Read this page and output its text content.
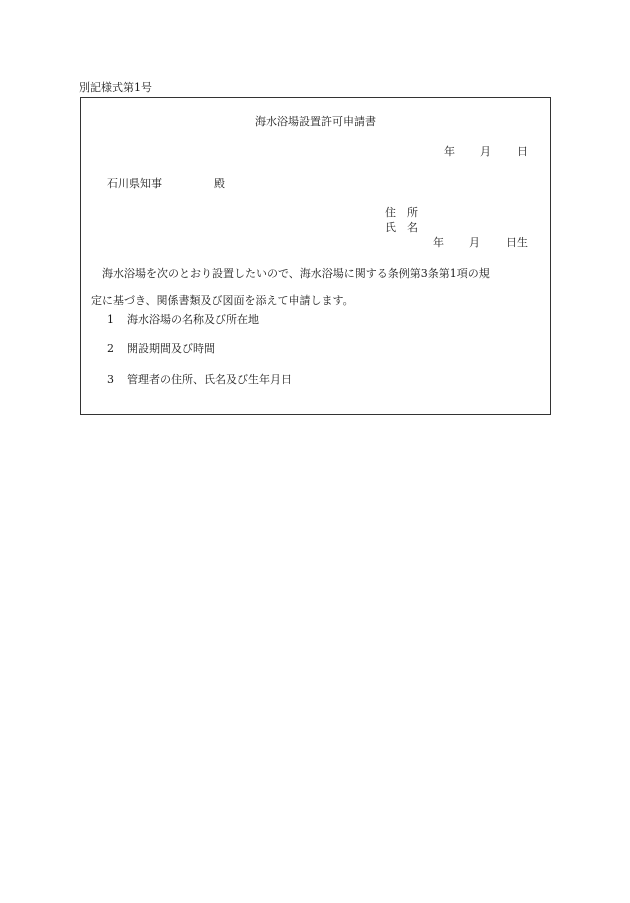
別記様式第1号
海水浴場設置許可申請書
年 月 日
石川県知事	殿
住　所
氏　名
年 月 日生

海水浴場を次のとおり設置したいので、海水浴場に関する条例第3条第1項の規

定に基づき、関係書類及び図面を添えて申請します。

1 海水浴場の名称及び所在地
2 開設期間及び時間
3 管理者の住所、氏名及び生年月日
